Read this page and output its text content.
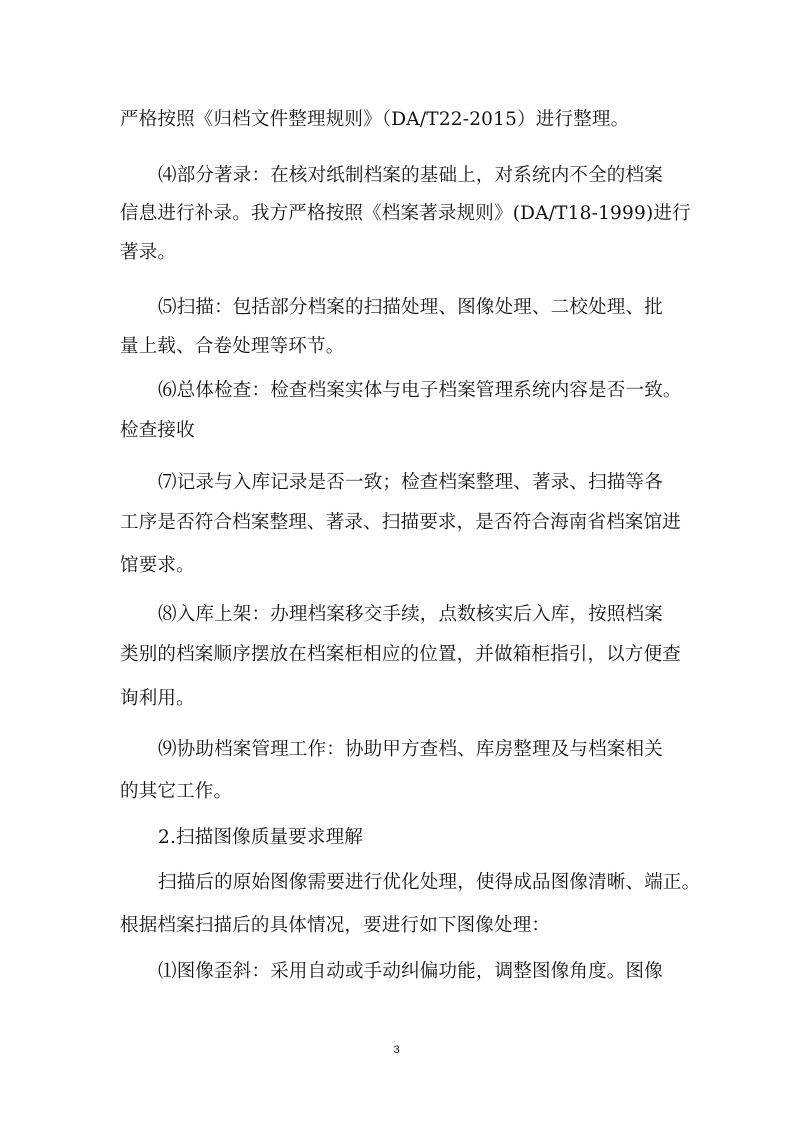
严格按照《归档文件整理规则》（DA/T22-2015）进行整理。
⑷部分著录：在核对纸制档案的基础上，对系统内不全的档案
信息进行补录。我方严格按照《档案著录规则》(DA/T18-1999)进行
著录。
⑸扫描：包括部分档案的扫描处理、图像处理、二校处理、批
量上载、合卷处理等环节。
⑹总体检查：检查档案实体与电子档案管理系统内容是否一致。
检查接收
⑺记录与入库记录是否一致；检查档案整理、著录、扫描等各
工序是否符合档案整理、著录、扫描要求，是否符合海南省档案馆进
馆要求。
⑻入库上架：办理档案移交手续，点数核实后入库，按照档案
类别的档案顺序摆放在档案柜相应的位置，并做箱柜指引，以方便查
询利用。
⑼协助档案管理工作：协助甲方查档、库房整理及与档案相关
的其它工作。
2.扫描图像质量要求理解
扫描后的原始图像需要进行优化处理，使得成品图像清晰、端正。
根据档案扫描后的具体情况，要进行如下图像处理：
⑴图像歪斜：采用自动或手动纠偏功能，调整图像角度。图像
3
